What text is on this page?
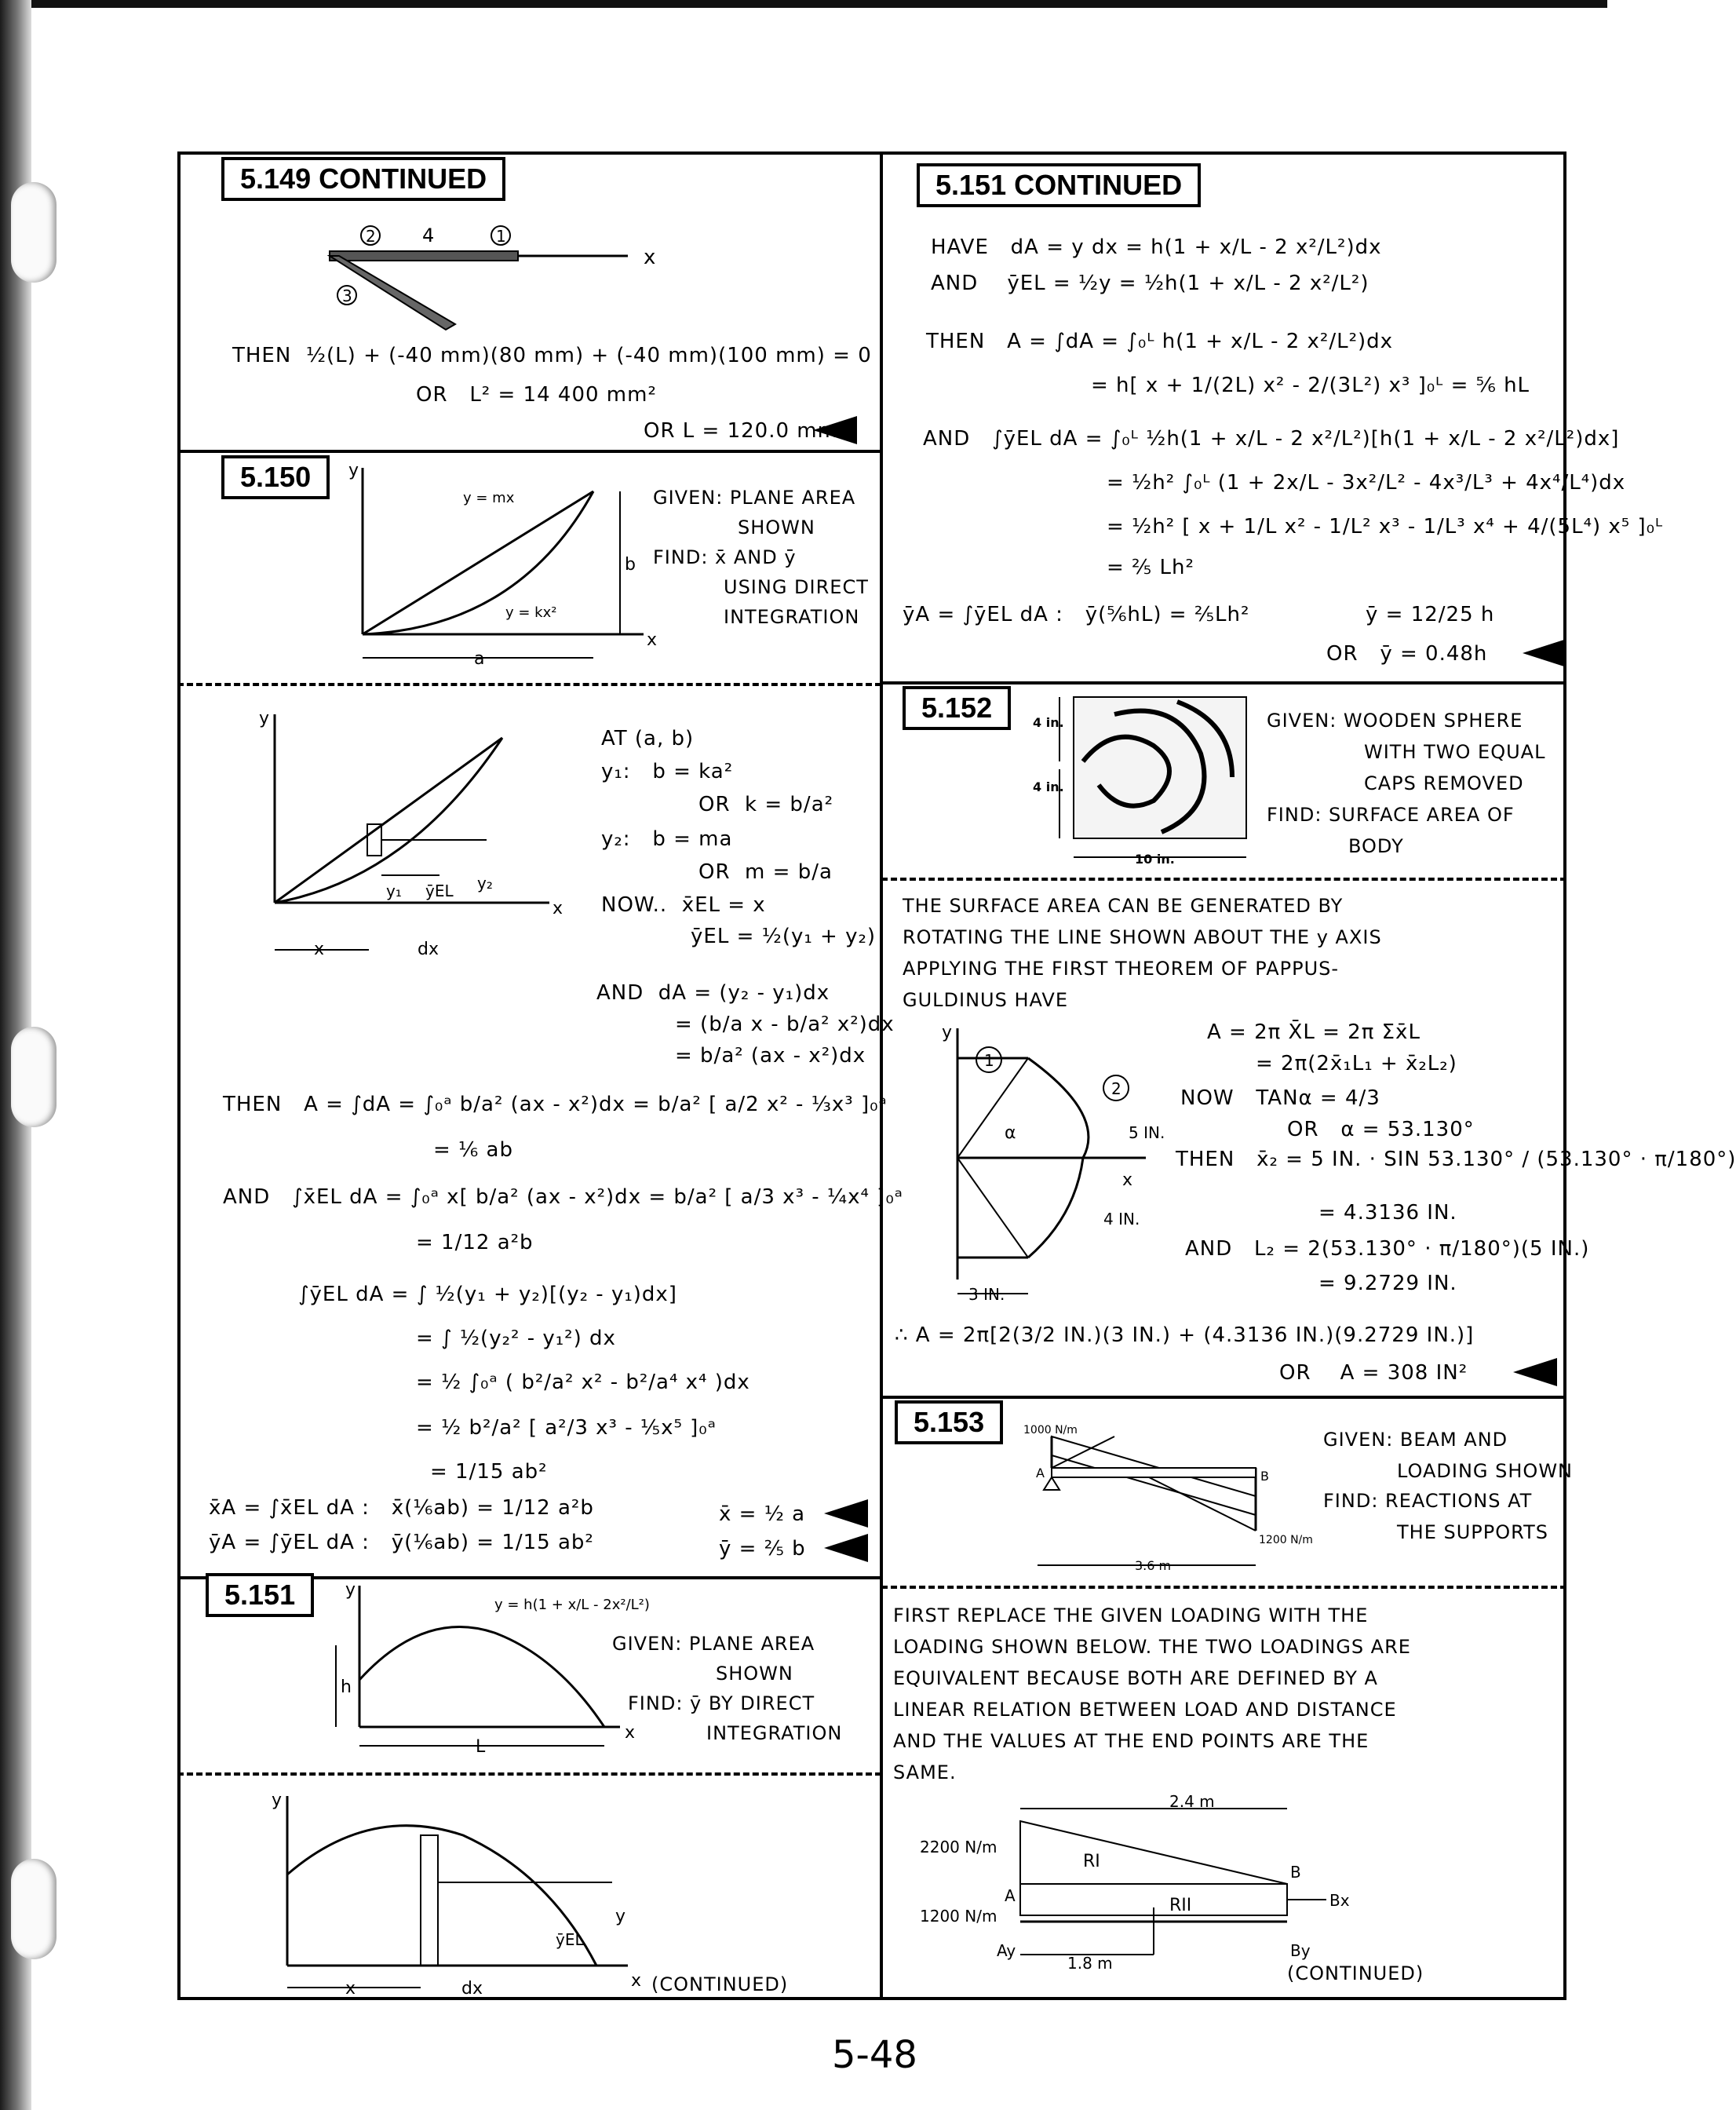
5.149 CONTINUED
2 4	1
3
x
THEN  ½(L) + (-40 mm)(80 mm) + (-40 mm)(100 mm) = 0
OR   L² = 14 400 mm²
OR L = 120.0 mm
5.150	y
x
b
a
y = mx
y = kx²
GIVEN: PLANE AREA
SHOWN
FIND: x̄ AND ȳ
USING DIRECT
INTEGRATION
y
x
x	dx
y₁ ȳEL y₂
AT (a, b)
y₁:   b = ka²
OR  k = b/a²
y₂:   b = ma
OR  m = b/a
NOW..  x̄EL = x
ȳEL = ½(y₁ + y₂)
AND  dA = (y₂ - y₁)dx
= (b/a x - b/a² x²)dx
= b/a² (ax - x²)dx
THEN   A = ∫dA = ∫₀ᵃ b/a² (ax - x²)dx = b/a² [ a/2 x² - ⅓x³ ]₀ᵃ
= ⅙ ab
AND   ∫x̄EL dA = ∫₀ᵃ x[ b/a² (ax - x²)dx = b/a² [ a/3 x³ - ¼x⁴ ]₀ᵃ
= 1/12 a²b
∫ȳEL dA = ∫ ½(y₁ + y₂)[(y₂ - y₁)dx]
= ∫ ½(y₂² - y₁²) dx
= ½ ∫₀ᵃ ( b²/a² x² - b²/a⁴ x⁴ )dx
= ½ b²/a² [ a²/3 x³ - ⅕x⁵ ]₀ᵃ
= 1/15 ab²
x̄A = ∫x̄EL dA :   x̄(⅙ab) = 1/12 a²b
ȳA = ∫ȳEL dA :   ȳ(⅙ab) = 1/15 ab²
x̄ = ½ a
ȳ = ⅖ b
5.151	y
x
h
L
y = h(1 + x/L - 2x²/L²)
GIVEN: PLANE AREA
SHOWN
FIND: ȳ BY DIRECT
INTEGRATION
y
x
x	dx
ȳEL
y
(CONTINUED)
5.151 CONTINUED
HAVE   dA = y dx = h(1 + x/L - 2 x²/L²)dx
AND    ȳEL = ½y = ½h(1 + x/L - 2 x²/L²)
THEN   A = ∫dA = ∫₀ᴸ h(1 + x/L - 2 x²/L²)dx
= h[ x + 1/(2L) x² - 2/(3L²) x³ ]₀ᴸ = ⅚ hL
AND   ∫ȳEL dA = ∫₀ᴸ ½h(1 + x/L - 2 x²/L²)[h(1 + x/L - 2 x²/L²)dx]
= ½h² ∫₀ᴸ (1 + 2x/L - 3x²/L² - 4x³/L³ + 4x⁴/L⁴)dx
= ½h² [ x + 1/L x² - 1/L² x³ - 1/L³ x⁴ + 4/(5L⁴) x⁵ ]₀ᴸ
= ⅖ Lh²
ȳA = ∫ȳEL dA :   ȳ(⅚hL) = ⅖Lh²	ȳ = 12/25 h
OR   ȳ = 0.48h
5.152	4 in.
4 in.
10 in.
GIVEN: WOODEN SPHERE
WITH TWO EQUAL
CAPS REMOVED
FIND: SURFACE AREA OF
BODY
THE SURFACE AREA CAN BE GENERATED BY
ROTATING THE LINE SHOWN ABOUT THE y AXIS
APPLYING THE FIRST THEOREM OF PAPPUS-
GULDINUS HAVE
y
1
2
α	5 IN.
x
4 IN.
3 IN.
A = 2π X̄L = 2π Σx̄L
= 2π(2x̄₁L₁ + x̄₂L₂)
NOW   TANα = 4/3
OR   α = 53.130°
THEN   x̄₂ = 5 IN. · SIN 53.130° / (53.130° · π/180°)
= 4.3136 IN.
AND   L₂ = 2(53.130° · π/180°)(5 IN.)
= 9.2729 IN.
∴ A = 2π[2(3/2 IN.)(3 IN.) + (4.3136 IN.)(9.2729 IN.)]
OR    A = 308 IN²
5.153	1000 N/m
1200 N/m
A	B
3.6 m
GIVEN: BEAM AND
LOADING SHOWN
FIND: REACTIONS AT
THE SUPPORTS
FIRST REPLACE THE GIVEN LOADING WITH THE
LOADING SHOWN BELOW. THE TWO LOADINGS ARE
EQUIVALENT BECAUSE BOTH ARE DEFINED BY A
LINEAR RELATION BETWEEN LOAD AND DISTANCE
AND THE VALUES AT THE END POINTS ARE THE
SAME.
2200 N/m
1200 N/m
2.4 m
1.8 m
RI
RII
A
B
Bx
Ay	By
(CONTINUED)
5-48
